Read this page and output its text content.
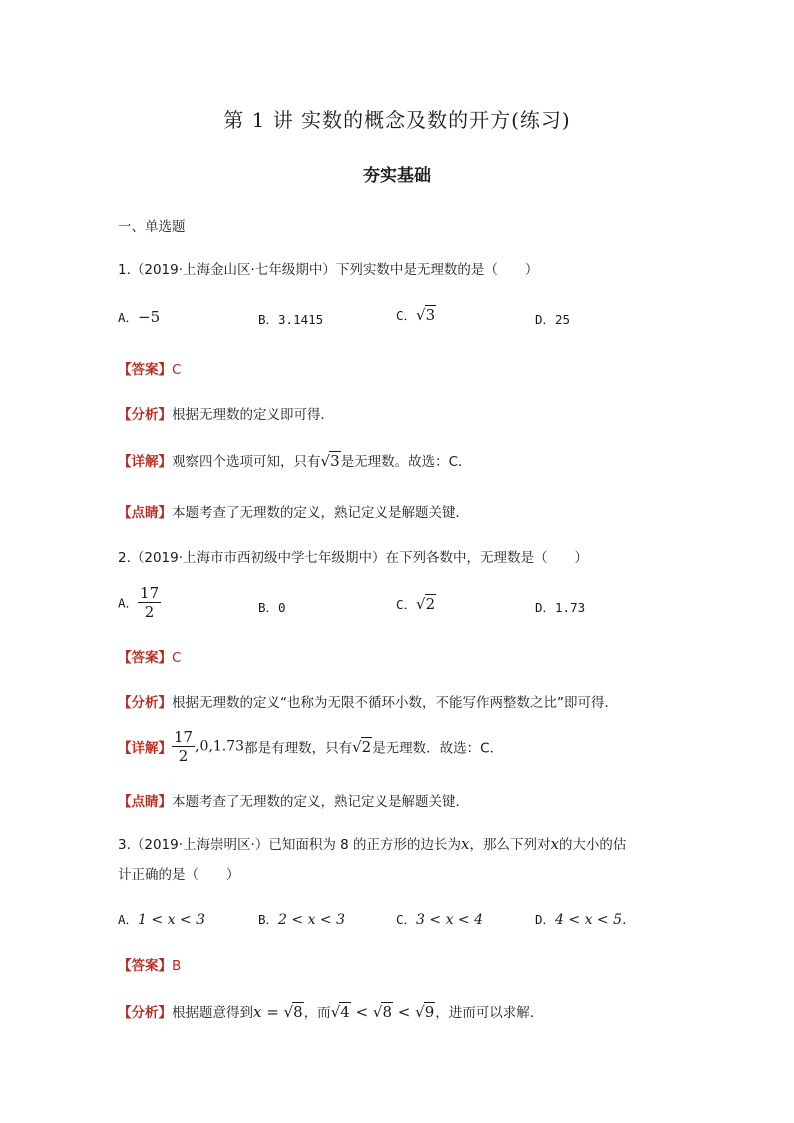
第 1 讲 实数的概念及数的开方(练习)
夯实基础
一、单选题
1.（2019·上海金山区·七年级期中）下列实数中是无理数的是（　　）
A．−5	B．3.1415	C．√3	D．25
【答案】C
【分析】根据无理数的定义即可得．
【详解】观察四个选项可知，只有√3是无理数。故选：C．
【点睛】本题考查了无理数的定义，熟记定义是解题关键．
2.（2019·上海市市西初级中学七年级期中）在下列各数中，无理数是（　　）
A． $\frac{17}{2}$	B．0	C．√2	D．1.73
【答案】C
【分析】根据无理数的定义“也称为无限不循环小数，不能写作两整数之比”即可得．
【详解】 $\frac{17}{2} ,0,1.73$都是有理数，只有√2是无理数．故选：C．
【点睛】本题考查了无理数的定义，熟记定义是解题关键．
3.（2019·上海崇明区·）已知面积为 8 的正方形的边长为x，那么下列对x的大小的估
计正确的是（　　）
A．1 < x < 3	B．2 < x < 3	C．3 < x < 4	D．4 < x < 5．
【答案】B
【分析】根据题意得到x = √8，而√4 < √8 < √9，进而可以求解．
